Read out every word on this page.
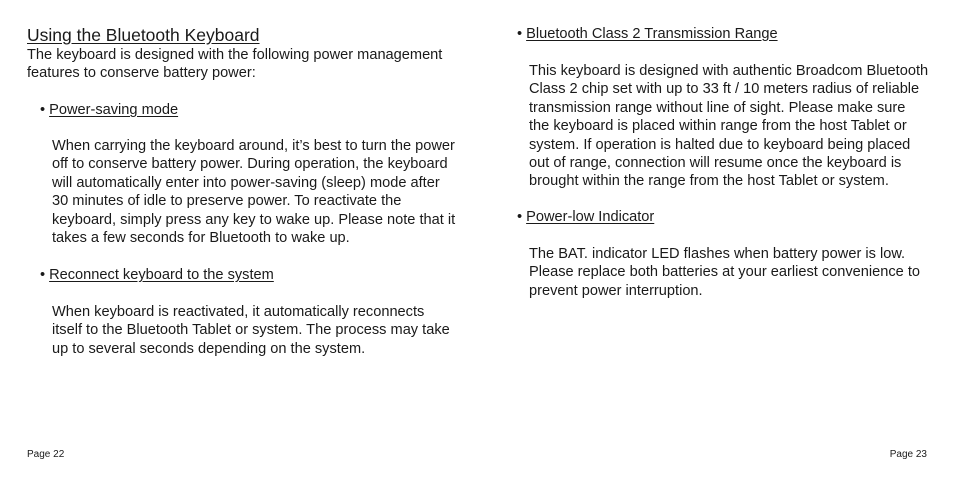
Using the Bluetooth Keyboard
The keyboard is designed with the following power management features to conserve battery power:
• Power-saving mode
When carrying the keyboard around, it’s best to turn the power off to conserve battery power. During operation, the keyboard will automatically enter into power-saving (sleep) mode after 30 minutes of idle to preserve power. To reactivate the keyboard, simply press any key to wake up. Please note that it takes a few seconds for Bluetooth to wake up.
• Reconnect keyboard to the system
When keyboard is reactivated, it automatically reconnects itself to the Bluetooth Tablet or system. The process may take up to several seconds depending on the system.
Page 22
• Bluetooth Class 2 Transmission Range
This keyboard is designed with authentic Broadcom Bluetooth Class 2 chip set with up to 33 ft / 10 meters radius of reliable transmission range without line of sight. Please make sure the keyboard is placed within range from the host Tablet or system. If operation is halted due to keyboard being placed out of range, connection will resume once the keyboard is brought within the range from the host Tablet or system.
• Power-low Indicator
The BAT. indicator LED flashes when battery power is low. Please replace both batteries at your earliest convenience to prevent power interruption.
Page 23
